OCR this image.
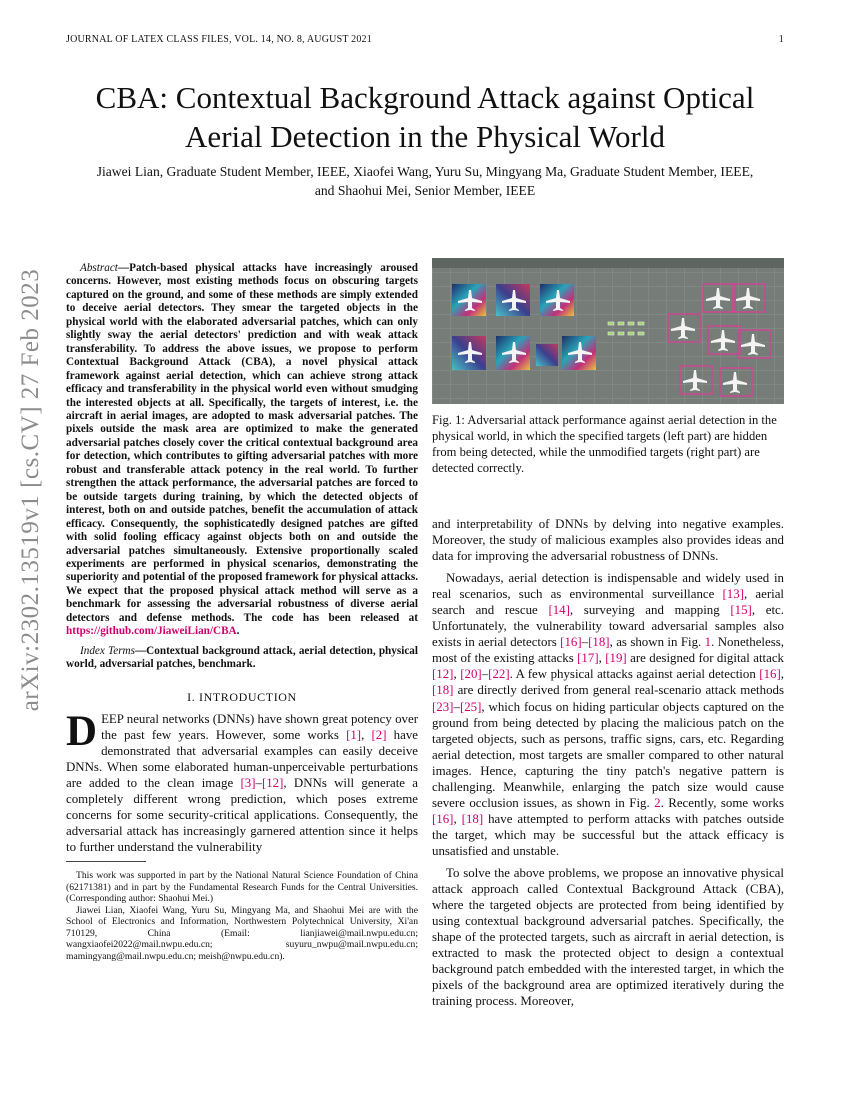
JOURNAL OF LATEX CLASS FILES, VOL. 14, NO. 8, AUGUST 2021	1
arXiv:2302.13519v1 [cs.CV] 27 Feb 2023
CBA: Contextual Background Attack against Optical Aerial Detection in the Physical World
Jiawei Lian, Graduate Student Member, IEEE, Xiaofei Wang, Yuru Su, Mingyang Ma, Graduate Student Member, IEEE, and Shaohui Mei, Senior Member, IEEE

Abstract—Patch-based physical attacks have increasingly aroused concerns. However, most existing methods focus on obscuring targets captured on the ground, and some of these methods are simply extended to deceive aerial detectors. They smear the targeted objects in the physical world with the elaborated adversarial patches, which can only slightly sway the aerial detectors' prediction and with weak attack transferability. To address the above issues, we propose to perform Contextual Background Attack (CBA), a novel physical attack framework against aerial detection, which can achieve strong attack efficacy and transferability in the physical world even without smudging the interested objects at all. Specifically, the targets of interest, i.e. the aircraft in aerial images, are adopted to mask adversarial patches. The pixels outside the mask area are optimized to make the generated adversarial patches closely cover the critical contextual background area for detection, which contributes to gifting adversarial patches with more robust and transferable attack potency in the real world. To further strengthen the attack performance, the adversarial patches are forced to be outside targets during training, by which the detected objects of interest, both on and outside patches, benefit the accumulation of attack efficacy. Consequently, the sophisticatedly designed patches are gifted with solid fooling efficacy against objects both on and outside the adversarial patches simultaneously. Extensive proportionally scaled experiments are performed in physical scenarios, demonstrating the superiority and potential of the proposed framework for physical attacks. We expect that the proposed physical attack method will serve as a benchmark for assessing the adversarial robustness of diverse aerial detectors and defense methods. The code has been released at https://github.com/JiaweiLian/CBA.

Index Terms—Contextual background attack, aerial detection, physical world, adversarial patches, benchmark.

I. INTRODUCTION

DEEP neural networks (DNNs) have shown great potency over the past few years. However, some works [1], [2] have demonstrated that adversarial examples can easily deceive DNNs. When some elaborated human-unperceivable perturbations are added to the clean image [3]–[12], DNNs will generate a completely different wrong prediction, which poses extreme concerns for some security-critical applications. Consequently, the adversarial attack has increasingly garnered attention since it helps to further understand the vulnerability

This work was supported in part by the National Natural Science Foundation of China (62171381) and in part by the Fundamental Research Funds for the Central Universities. (Corresponding author: Shaohui Mei.)

Jiawei Lian, Xiaofei Wang, Yuru Su, Mingyang Ma, and Shaohui Mei are with the School of Electronics and Information, Northwestern Polytechnical University, Xi'an 710129, China (Email: lianjiawei@mail.nwpu.edu.cn; wangxiaofei2022@mail.nwpu.edu.cn; suyuru_nwpu@mail.nwpu.edu.cn; mamingyang@mail.nwpu.edu.cn; meish@nwpu.edu.cn).

Fig. 1: Adversarial attack performance against aerial detection in the physical world, in which the specified targets (left part) are hidden from being detected, while the unmodified targets (right part) are detected correctly.

and interpretability of DNNs by delving into negative examples. Moreover, the study of malicious examples also provides ideas and data for improving the adversarial robustness of DNNs.

Nowadays, aerial detection is indispensable and widely used in real scenarios, such as environmental surveillance [13], aerial search and rescue [14], surveying and mapping [15], etc. Unfortunately, the vulnerability toward adversarial samples also exists in aerial detectors [16]–[18], as shown in Fig. 1. Nonetheless, most of the existing attacks [17], [19] are designed for digital attack [12], [20]–[22]. A few physical attacks against aerial detection [16], [18] are directly derived from general real-scenario attack methods [23]–[25], which focus on hiding particular objects captured on the ground from being detected by placing the malicious patch on the targeted objects, such as persons, traffic signs, cars, etc. Regarding aerial detection, most targets are smaller compared to other natural images. Hence, capturing the tiny patch's negative pattern is challenging. Meanwhile, enlarging the patch size would cause severe occlusion issues, as shown in Fig. 2. Recently, some works [16], [18] have attempted to perform attacks with patches outside the target, which may be successful but the attack efficacy is unsatisfied and unstable.

To solve the above problems, we propose an innovative physical attack approach called Contextual Background Attack (CBA), where the targeted objects are protected from being identified by using contextual background adversarial patches. Specifically, the shape of the protected targets, such as aircraft in aerial detection, is extracted to mask the protected object to design a contextual background patch embedded with the interested target, in which the pixels of the background area are optimized iteratively during the training process. Moreover,
